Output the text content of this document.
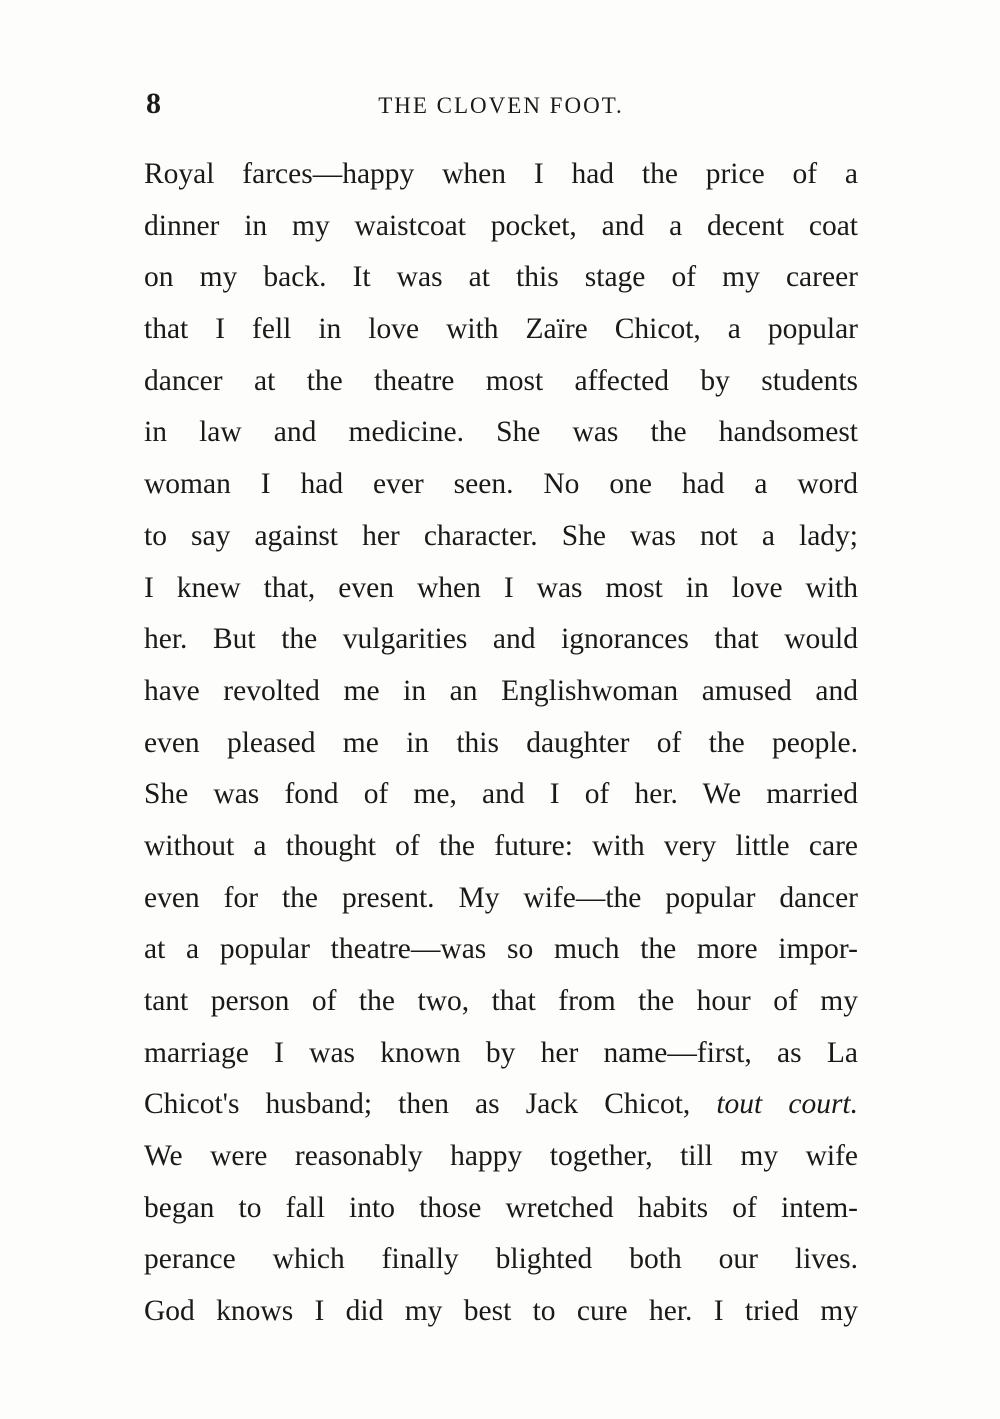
8	THE CLOVEN FOOT.
Royal farces—happy when I had the price of a
dinner in my waistcoat pocket, and a decent coat
on my back. It was at this stage of my career
that I fell in love with Zaïre Chicot, a popular
dancer at the theatre most affected by students
in law and medicine. She was the handsomest
woman I had ever seen. No one had a word
to say against her character. She was not a lady;
I knew that, even when I was most in love with
her. But the vulgarities and ignorances that would
have revolted me in an Englishwoman amused and
even pleased me in this daughter of the people.
She was fond of me, and I of her. We married
without a thought of the future: with very little care
even for the present. My wife—the popular dancer
at a popular theatre—was so much the more impor-
tant person of the two, that from the hour of my
marriage I was known by her name—first, as La
Chicot's husband; then as Jack Chicot, tout court.
We were reasonably happy together, till my wife
began to fall into those wretched habits of intem-
perance which finally blighted both our lives.
God knows I did my best to cure her. I tried my
